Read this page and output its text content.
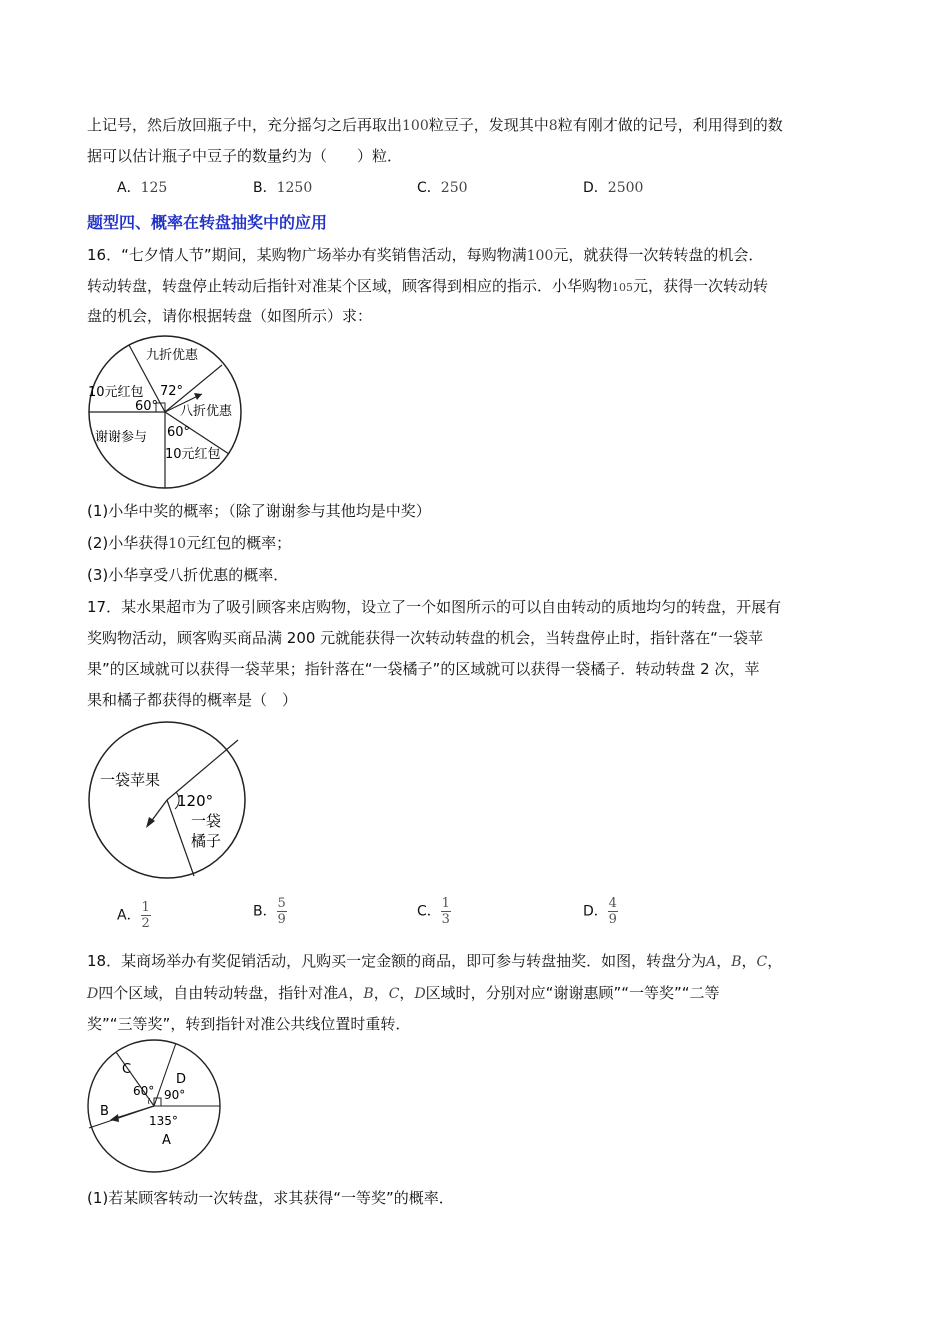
上记号，然后放回瓶子中，充分摇匀之后再取出100粒豆子，发现其中8粒有刚才做的记号，利用得到的数
据可以估计瓶子中豆子的数量约为（　　）粒．
A．125	B．1250	C．250	D．2500
题型四、概率在转盘抽奖中的应用
16．“七夕情人节”期间，某购物广场举办有奖销售活动，每购物满100元，就获得一次转转盘的机会．
转动转盘，转盘停止转动后指针对准某个区域，顾客得到相应的指示．小华购物105元，获得一次转动转
盘的机会，请你根据转盘（如图所示）求：
九折优惠
10元红包 72°
60° 八折优惠
谢谢参与 60°
10元红包
(1)小华中奖的概率；（除了谢谢参与其他均是中奖）
(2)小华获得10元红包的概率；
(3)小华享受八折优惠的概率．
17．某水果超市为了吸引顾客来店购物，设立了一个如图所示的可以自由转动的质地均匀的转盘，开展有
奖购物活动，顾客购买商品满 200 元就能获得一次转动转盘的机会，当转盘停止时，指针落在“一袋苹
果”的区域就可以获得一袋苹果；指针落在“一袋橘子”的区域就可以获得一袋橘子．转动转盘 2 次，苹
果和橘子都获得的概率是（　）
一袋苹果
120°
一袋
橘子
A． $\frac{1}{2}$	B． $\frac{5}{9}$	C． $\frac{1}{3}$	D． $\frac{4}{9}$
18．某商场举办有奖促销活动，凡购买一定金额的商品，即可参与转盘抽奖．如图，转盘分为A，B，C，
D四个区域，自由转动转盘，指针对准A，B，C，D区域时，分别对应“谢谢惠顾”“一等奖”“二等
奖”“三等奖”，转到指针对准公共线位置时重转．
C
D
60° 90°
B
135°
A
(1)若某顾客转动一次转盘，求其获得“一等奖”的概率．
